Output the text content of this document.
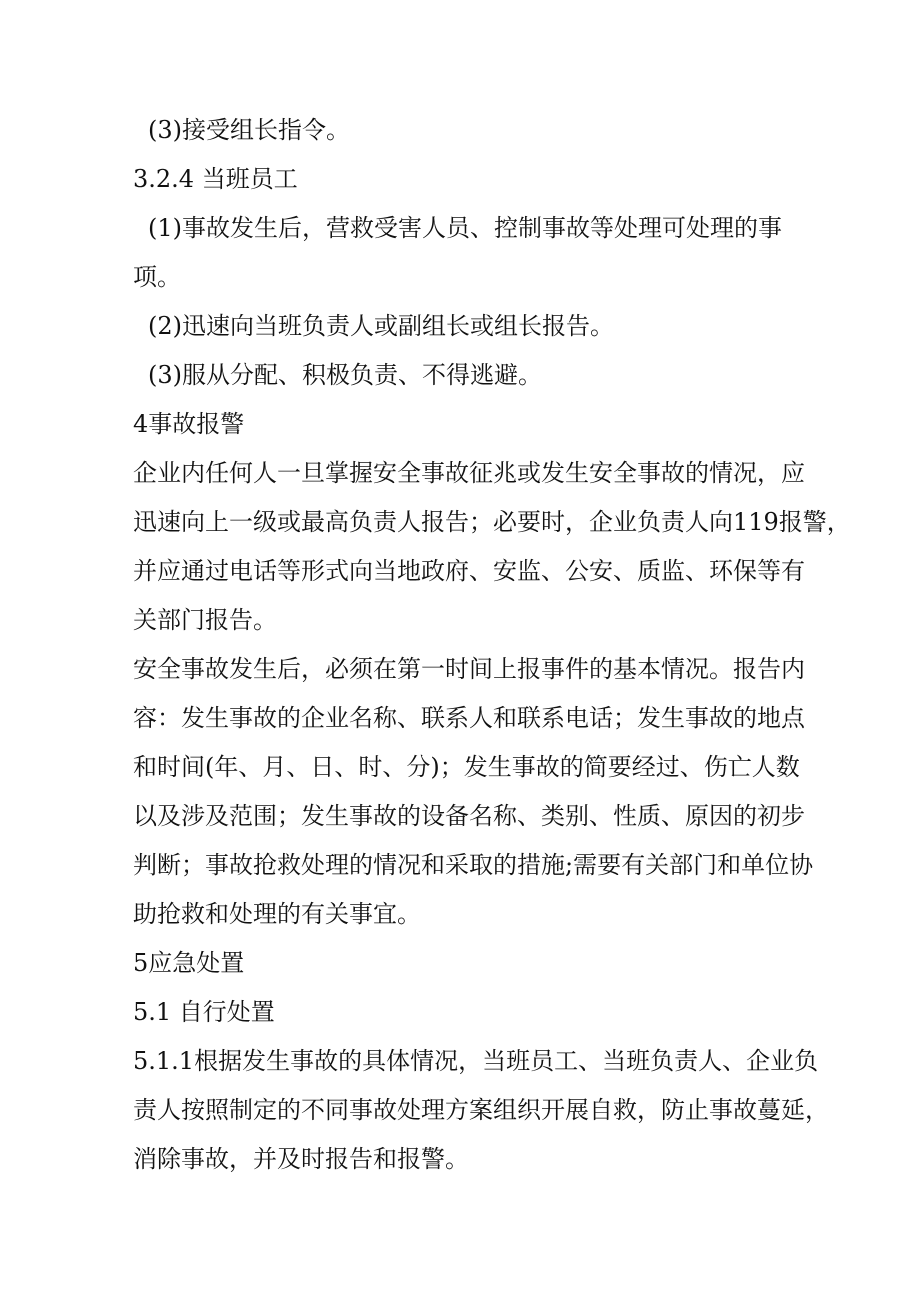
(3)接受组长指令。
3.2.4 当班员工
(1)事故发生后，营救受害人员、控制事故等处理可处理的事
项。
(2)迅速向当班负责人或副组长或组长报告。
(3)服从分配、积极负责、不得逃避。
4事故报警
企业内任何人一旦掌握安全事故征兆或发生安全事故的情况，应
迅速向上一级或最高负责人报告；必要时，企业负责人向119报警，
并应通过电话等形式向当地政府、安监、公安、质监、环保等有
关部门报告。
安全事故发生后，必须在第一时间上报事件的基本情况。报告内
容：发生事故的企业名称、联系人和联系电话；发生事故的地点
和时间(年、月、日、时、分)；发生事故的简要经过、伤亡人数
以及涉及范围；发生事故的设备名称、类别、性质、原因的初步
判断；事故抢救处理的情况和采取的措施;需要有关部门和单位协
助抢救和处理的有关事宜。
5应急处置
5.1 自行处置
5.1.1根据发生事故的具体情况，当班员工、当班负责人、企业负
责人按照制定的不同事故处理方案组织开展自救，防止事故蔓延，
消除事故，并及时报告和报警。
